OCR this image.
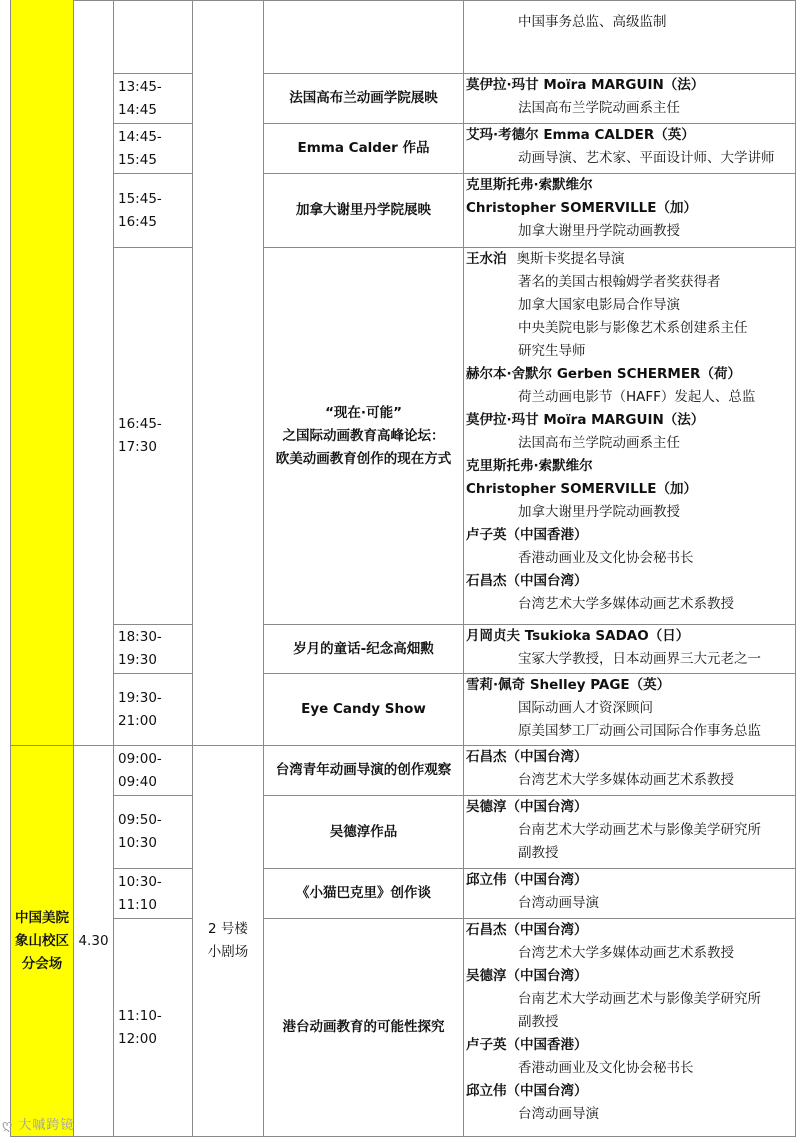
中国美院
象山校区
分会场
4.30
2 号楼
小剧场
中国事务总监、高级监制
13:45-14:45
法国高布兰动画学院展映
莫伊拉·玛甘 Moïra MARGUIN（法）
法国高布兰学院动画系主任
14:45-15:45
Emma Calder 作品
艾玛·考德尔 Emma CALDER（英）
动画导演、艺术家、平面设计师、大学讲师
15:45-16:45
加拿大谢里丹学院展映
克里斯托弗·索默维尔
Christopher SOMERVILLE（加）
加拿大谢里丹学院动画教授
16:45-17:30
“现在·可能”
之国际动画教育高峰论坛：
欧美动画教育创作的现在方式
王水泊 奥斯卡奖提名导演
著名的美国古根翰姆学者奖获得者
加拿大国家电影局合作导演
中央美院电影与影像艺术系创建系主任
研究生导师
赫尔本·舍默尔 Gerben SCHERMER（荷）
荷兰动画电影节（HAFF）发起人、总监
莫伊拉·玛甘 Moïra MARGUIN（法）
法国高布兰学院动画系主任
克里斯托弗·索默维尔
Christopher SOMERVILLE（加）
加拿大谢里丹学院动画教授
卢子英（中国香港）
香港动画业及文化协会秘书长
石昌杰（中国台湾）
台湾艺术大学多媒体动画艺术系教授
18:30-19:30
岁月的童话-纪念高畑勲
月岡贞夫 Tsukioka SADAO（日）
宝冢大学教授，日本动画界三大元老之一
19:30-21:00
Eye Candy Show
雪莉·佩奇 Shelley PAGE（英）
国际动画人才资深顾问
原美国梦工厂动画公司国际合作事务总监
09:00-09:40
台湾青年动画导演的创作观察
石昌杰（中国台湾）
台湾艺术大学多媒体动画艺术系教授
09:50-10:30
吴德淳作品
吴德淳（中国台湾）
台南艺术大学动画艺术与影像美学研究所
副教授
10:30-11:10
《小猫巴克里》创作谈
邱立伟（中国台湾）
台湾动画导演
11:10-12:00
港台动画教育的可能性探究
石昌杰（中国台湾）
台湾艺术大学多媒体动画艺术系教授
吴德淳（中国台湾）
台南艺术大学动画艺术与影像美学研究所
副教授
卢子英（中国香港）
香港动画业及文化协会秘书长
邱立伟（中国台湾）
台湾动画导演
ღ 大嘁跨镜
